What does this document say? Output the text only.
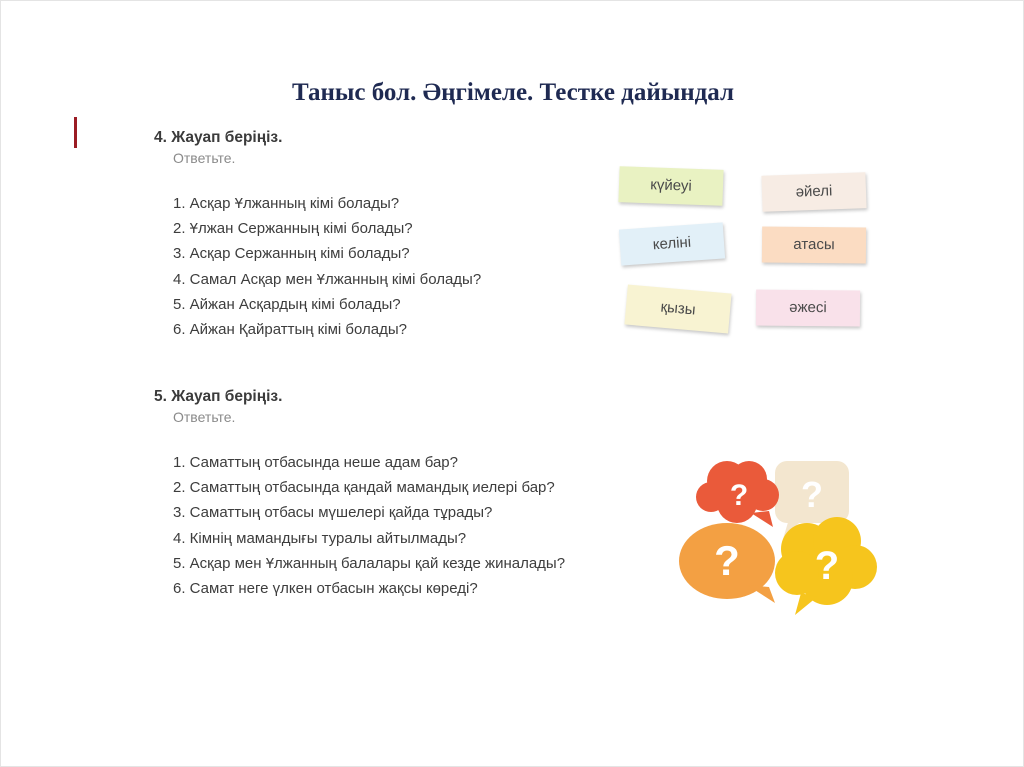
Таныс бол. Әңгімеле. Тестке дайындал
4. Жауап беріңіз.
Ответьте.
1. Асқар Ұлжанның кімі болады?
2. Ұлжан Сержанның кімі болады?
3. Асқар Сержанның кімі болады?
4. Самал Асқар мен Ұлжанның кімі болады?
5. Айжан Асқардың кімі болады?
6. Айжан Қайраттың кімі болады?
күйеуі	әйелі
келіні	атасы
қызы	әжесі
5. Жауап беріңіз.
Ответьте.
1. Саматтың отбасында неше адам бар?
2. Саматтың отбасында қандай мамандық иелері бар?
3. Саматтың отбасы мүшелері қайда тұрады?
4. Кімнің мамандығы туралы айтылмады?
5. Асқар мен Ұлжанның балалары қай кезде жиналады?
6. Самат неге үлкен отбасын жақсы көреді?
?
?
? ?
